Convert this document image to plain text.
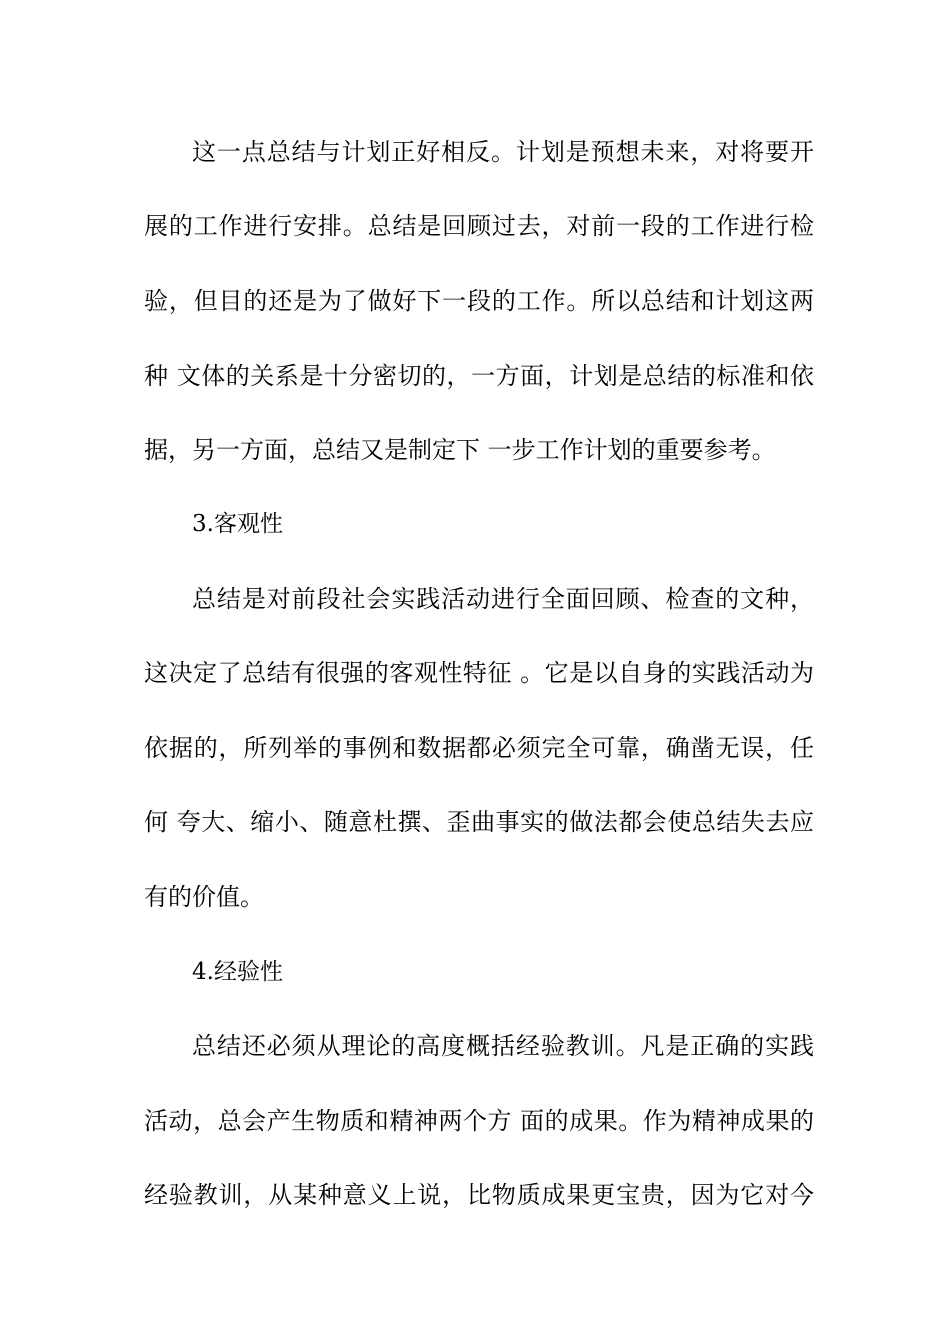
这一点总结与计划正好相反。计划是预想未来，对将要开
展的工作进行安排。总结是回顾过去，对前一段的工作进行检
验，但目的还是为了做好下一段的工作。所以总结和计划这两
种 文体的关系是十分密切的，一方面，计划是总结的标准和依
据，另一方面，总结又是制定下 一步工作计划的重要参考。
3.客观性
总结是对前段社会实践活动进行全面回顾、检查的文种，
这决定了总结有很强的客观性特征 。它是以自身的实践活动为
依据的，所列举的事例和数据都必须完全可靠，确凿无误，任
何 夸大、缩小、随意杜撰、歪曲事实的做法都会使总结失去应
有的价值。
4.经验性
总结还必须从理论的高度概括经验教训。凡是正确的实践
活动，总会产生物质和精神两个方 面的成果。作为精神成果的
经验教训，从某种意义上说，比物质成果更宝贵，因为它对今
